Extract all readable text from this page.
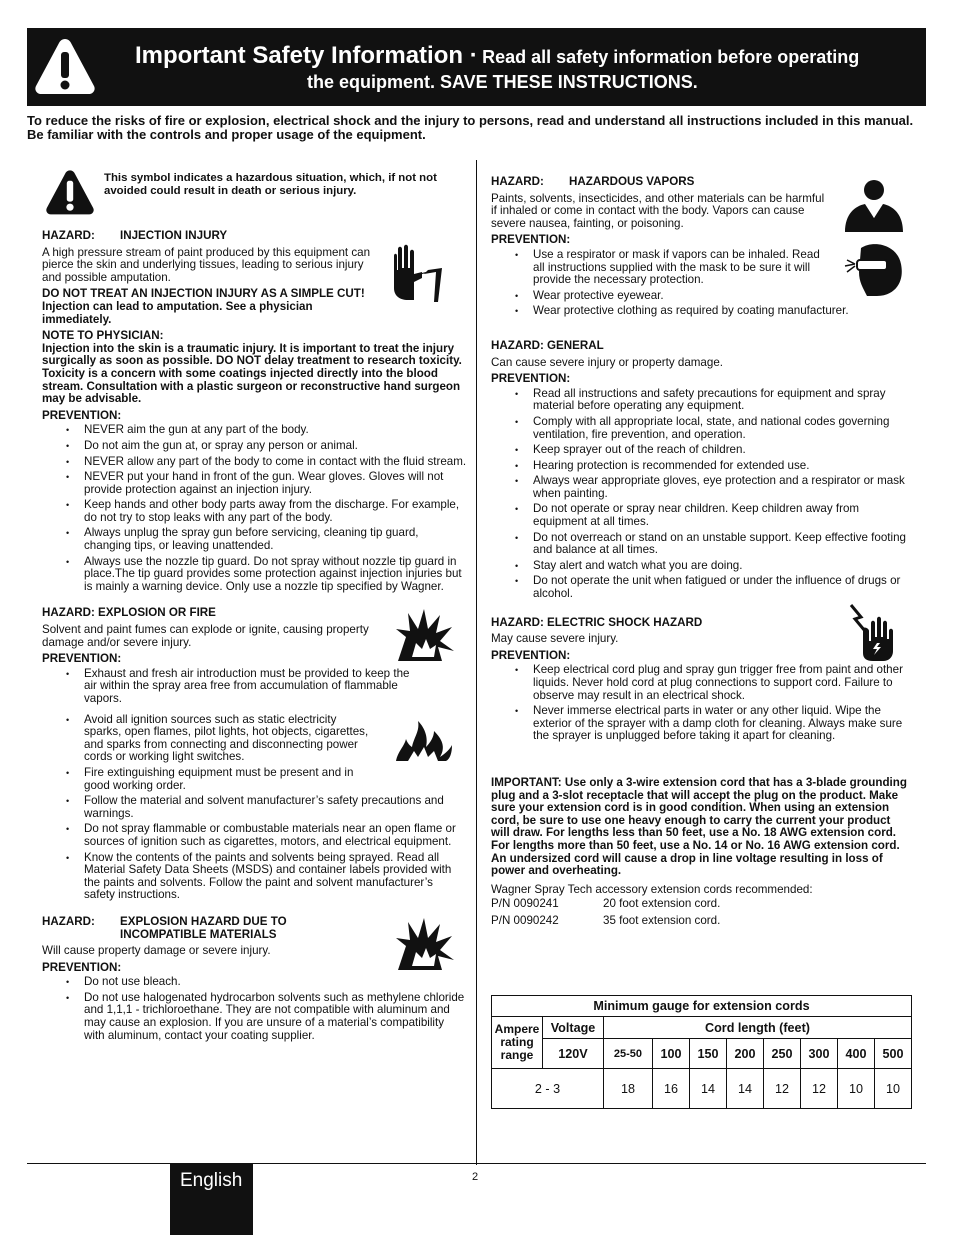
Important Safety Information · Read all safety information before operating
the equipment. SAVE THESE INSTRUCTIONS.
To reduce the risks of fire or explosion, electrical shock and the injury to persons, read and understand all instructions included in this manual. Be familiar with the controls and proper usage of the equipment.
This symbol indicates a hazardous situation, which, if not not avoided could result in death or serious injury.
HAZARD: INJECTION INJURY

A high pressure stream of paint produced by this equipment can pierce the skin and underlying tissues, leading to serious injury and possible amputation.

DO NOT TREAT AN INJECTION INJURY AS A SIMPLE CUT! Injection can lead to amputation. See a physician immediately.

NOTE TO PHYSICIAN:

Injection into the skin is a traumatic injury. It is important to treat the injury surgically as soon as possible. DO NOT delay treatment to research toxicity. Toxicity is a concern with some coatings injected directly into the blood stream. Consultation with a plastic surgeon or reconstructive hand surgeon may be advisable.

PREVENTION:

• NEVER aim the gun at any part of the body.
• Do not aim the gun at, or spray any person or animal.
• NEVER allow any part of the body to come in contact with the fluid stream.
• NEVER put your hand in front of the gun. Wear gloves. Gloves will not provide protection against an injection injury.
• Keep hands and other body parts away from the discharge. For example, do not try to stop leaks with any part of the body.
• Always unplug the spray gun before servicing, cleaning tip guard, changing tips, or leaving unattended.
• Always use the nozzle tip guard. Do not spray without nozzle tip guard in place.The tip guard provides some protection against injection injuries but is mainly a warning device. Only use a nozzle tip specified by Wagner.
HAZARD: EXPLOSION OR FIRE

Solvent and paint fumes can explode or ignite, causing property damage and/or severe injury.

PREVENTION:

• Exhaust and fresh air introduction must be provided to keep the air within the spray area free from accumulation of flammable vapors.
• Avoid all ignition sources such as static electricity sparks, open flames, pilot lights, hot objects, cigarettes, and sparks from connecting and disconnecting power cords or working light switches.
• Fire extinguishing equipment must be present and in good working order.
• Follow the material and solvent manufacturer’s safety precautions and warnings.
• Do not spray flammable or combustable materials near an open flame or sources of ignition such as cigarettes, motors, and electrical equipment.
• Know the contents of the paints and solvents being sprayed. Read all Material Safety Data Sheets (MSDS) and container labels provided with the paints and solvents. Follow the paint and solvent manufacturer’s safety instructions.
HAZARD: EXPLOSION HAZARD DUE TO
INCOMPATIBLE MATERIALS

Will cause property damage or severe injury.

PREVENTION:

• Do not use bleach.
• Do not use halogenated hydrocarbon solvents such as methylene chloride and 1,1,1 - trichloroethane. They are not compatible with aluminum and may cause an explosion. If you are unsure of a material’s compatibility with aluminum, contact your coating supplier.
HAZARD: HAZARDOUS VAPORS

Paints, solvents, insecticides, and other materials can be harmful if inhaled or come in contact with the body. Vapors can cause severe nausea, fainting, or poisoning.

PREVENTION:

• Use a respirator or mask if vapors can be inhaled. Read all instructions supplied with the mask to be sure it will provide the necessary protection.
• Wear protective eyewear.
• Wear protective clothing as required by coating manufacturer.
HAZARD: GENERAL

Can cause severe injury or property damage.

PREVENTION:

• Read all instructions and safety precautions for equipment and spray material before operating any equipment.
• Comply with all appropriate local, state, and national codes governing ventilation, fire prevention, and operation.
• Keep sprayer out of the reach of children.
• Hearing protection is recommended for extended use.
• Always wear appropriate gloves, eye protection and a respirator or mask when painting.
• Do not operate or spray near children. Keep children away from equipment at all times.
• Do not overreach or stand on an unstable support. Keep effective footing and balance at all times.
• Stay alert and watch what you are doing.
• Do not operate the unit when fatigued or under the influence of drugs or alcohol.
HAZARD: ELECTRIC SHOCK HAZARD

May cause severe injury.

PREVENTION:

• Keep electrical cord plug and spray gun trigger free from paint and other liquids. Never hold cord at plug connections to support cord. Failure to observe may result in an electrical shock.
• Never immerse electrical parts in water or any other liquid. Wipe the exterior of the sprayer with a damp cloth for cleaning. Always make sure the sprayer is unplugged before taking it apart for cleaning.

IMPORTANT: Use only a 3-wire extension cord that has a 3-blade grounding plug and a 3-slot receptacle that will accept the plug on the product. Make sure your extension cord is in good condition. When using an extension cord, be sure to use one heavy enough to carry the current your product will draw. For lengths less than 50 feet, use a No. 18 AWG extension cord. For lengths more than 50 feet, use a No. 14 or No. 16 AWG extension cord. An undersized cord will cause a drop in line voltage resulting in loss of power and overheating.

Wagner Spray Tech accessory extension cords recommended:

P/N 0090241	20 foot extension cord.
P/N 0090242	35 foot extension cord.
Minimum gauge for extension cords									
Ampere rating range	Voltage	Cord length (feet)							
	120V	25-50	100	150	200	250	300	400	500
2 - 3		18	16	14	14	12	12	10	10
English	2
